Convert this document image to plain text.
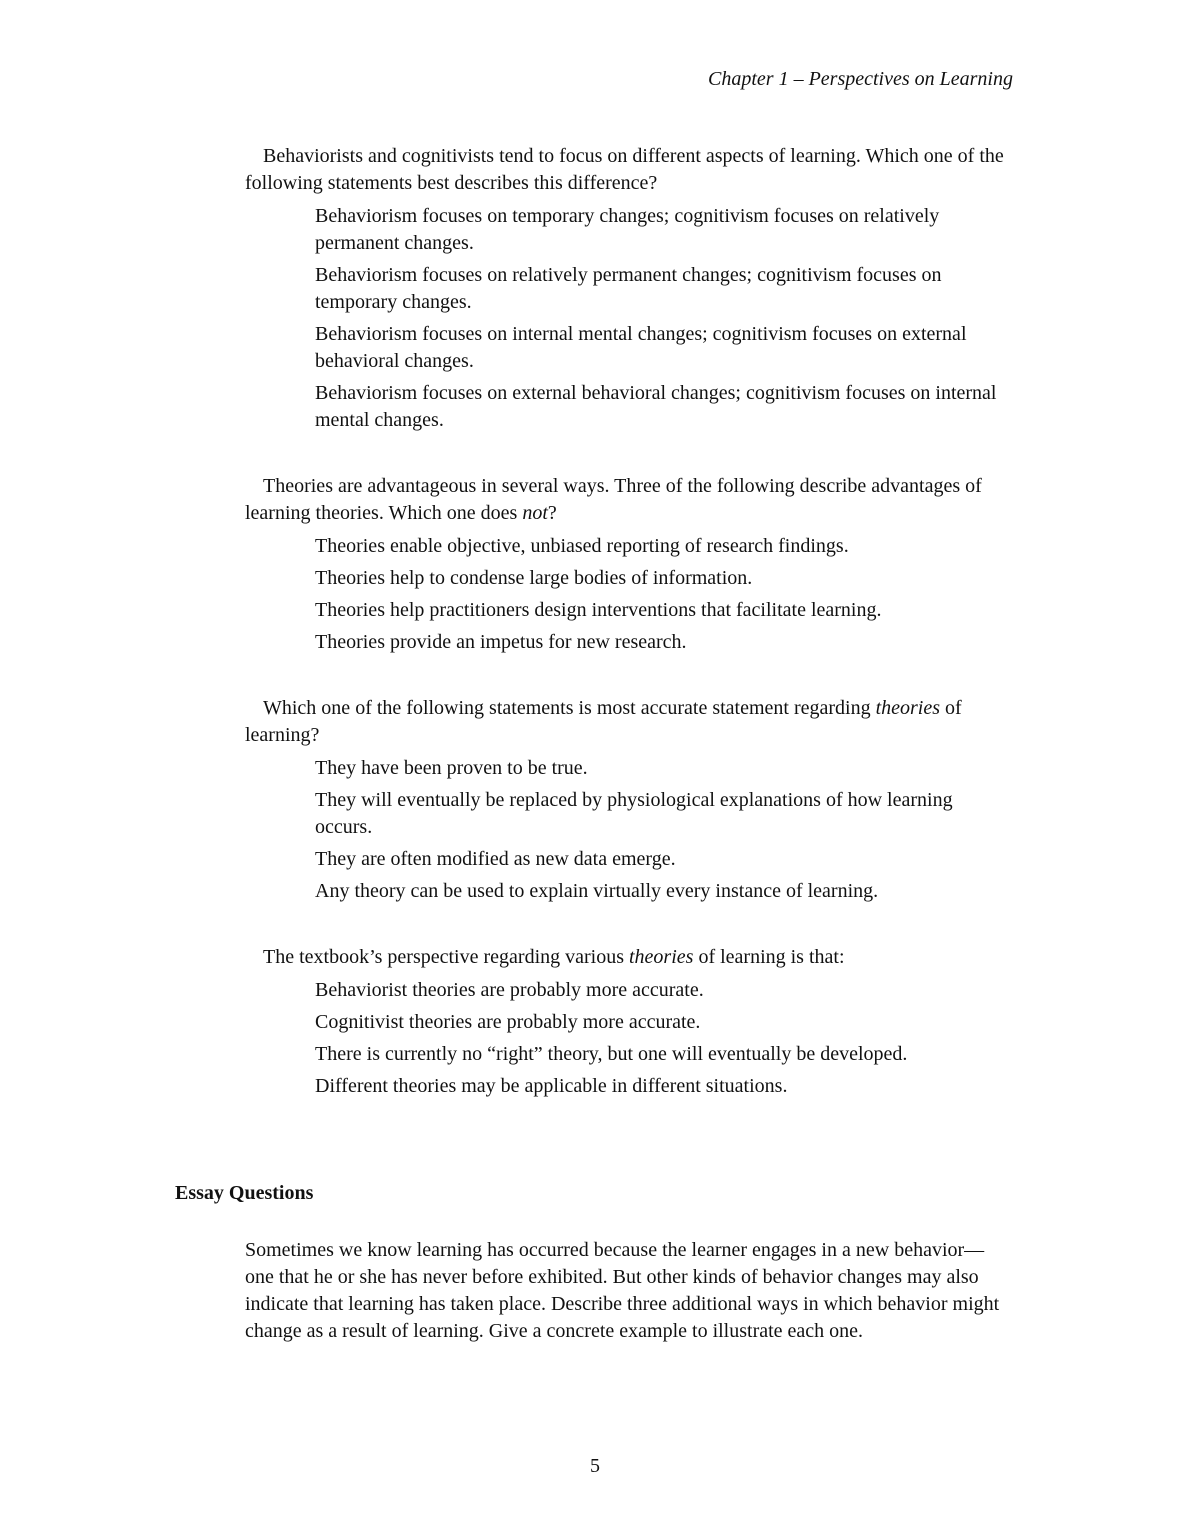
Chapter 1 – Perspectives on Learning

Behaviorists and cognitivists tend to focus on different aspects of learning. Which one of the following statements best describes this difference?

Behaviorism focuses on temporary changes; cognitivism focuses on relatively permanent changes.

Behaviorism focuses on relatively permanent changes; cognitivism focuses on temporary changes.

Behaviorism focuses on internal mental changes; cognitivism focuses on external behavioral changes.

Behaviorism focuses on external behavioral changes; cognitivism focuses on internal mental changes.

Theories are advantageous in several ways. Three of the following describe advantages of learning theories. Which one does not?

Theories enable objective, unbiased reporting of research findings.

Theories help to condense large bodies of information.

Theories help practitioners design interventions that facilitate learning.

Theories provide an impetus for new research.

Which one of the following statements is most accurate statement regarding theories of learning?

They have been proven to be true.

They will eventually be replaced by physiological explanations of how learning occurs.

They are often modified as new data emerge.

Any theory can be used to explain virtually every instance of learning.

The textbook’s perspective regarding various theories of learning is that:

Behaviorist theories are probably more accurate.

Cognitivist theories are probably more accurate.

There is currently no “right” theory, but one will eventually be developed.

Different theories may be applicable in different situations.

Essay Questions

Sometimes we know learning has occurred because the learner engages in a new behavior—one that he or she has never before exhibited. But other kinds of behavior changes may also indicate that learning has taken place. Describe three additional ways in which behavior might change as a result of learning. Give a concrete example to illustrate each one.

5
